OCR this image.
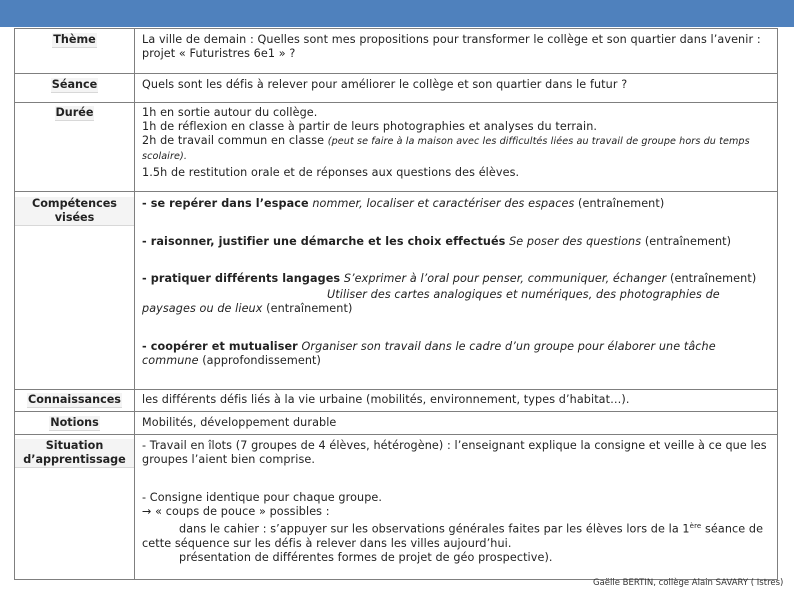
Thème	La ville de demain : Quelles sont mes propositions pour transformer le collège et son quartier dans l’avenir : projet « Futuristres 6e1 » ?
Séance	Quels sont les défis à relever pour améliorer le collège et son quartier dans le futur ?
Durée	1h en sortie autour du collège.
1h de réflexion en classe à partir de leurs photographies et analyses du terrain.
2h de travail commun en classe (peut se faire à la maison avec les difficultés liées au travail de groupe hors du temps scolaire).
1.5h de restitution orale et de réponses aux questions des élèves.

Compétences visées	- se repérer dans l’espace nommer, localiser et caractériser des espaces (entraînement)
- raisonner, justifier une démarche et les choix effectués Se poser des questions (entraînement)
- pratiquer différents langages S’exprimer à l’oral pour penser, communiquer, échanger (entraînement)
Utiliser des cartes analogiques et numériques, des photographies de paysages ou de lieux (entraînement)
- coopérer et mutualiser Organiser son travail dans le cadre d’un groupe pour élaborer une tâche commune (approfondissement)

Connaissances	les différents défis liés à la vie urbaine (mobilités, environnement, types d’habitat…).
Notions	Mobilités, développement durable
Situation d’apprentissage	- Travail en îlots (7 groupes de 4 élèves, hétérogène) : l’enseignant explique la consigne et veille à ce que les groupes l’aient bien comprise.
- Consigne identique pour chaque groupe.
→ « coups de pouce » possibles :
dans le cahier : s’appuyer sur les observations générales faites par les élèves lors de la 1ère séance de cette séquence sur les défis à relever dans les villes aujourd’hui.
présentation de différentes formes de projet de géo prospective).
Gaëlle BERTIN, collège Alain SAVARY ( Istres)
